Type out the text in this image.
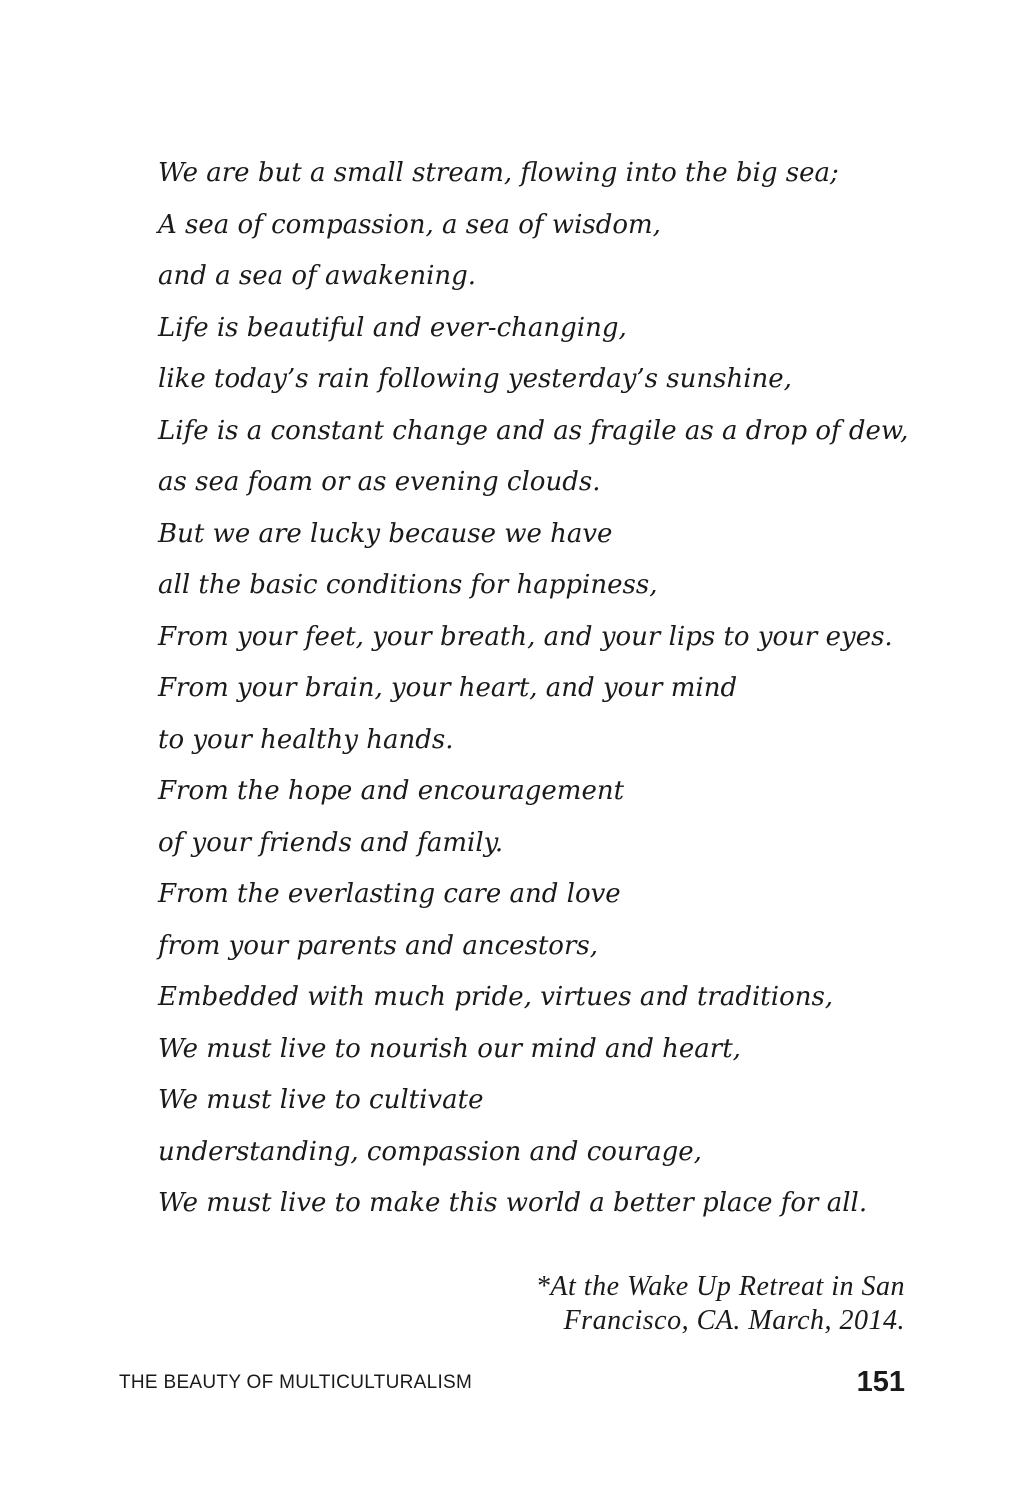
We are but a small stream, flowing into the big sea;
A sea of compassion, a sea of wisdom,
and a sea of awakening.
Life is beautiful and ever-changing,
like today’s rain following yesterday’s sunshine,
Life is a constant change and as fragile as a drop of dew,
as sea foam or as evening clouds.
But we are lucky because we have
all the basic conditions for happiness,
From your feet, your breath, and your lips to your eyes.
From your brain, your heart, and your mind
to your healthy hands.
From the hope and encouragement
of your friends and family.
From the everlasting care and love
from your parents and ancestors,
Embedded with much pride, virtues and traditions,
We must live to nourish our mind and heart,
We must live to cultivate
understanding, compassion and courage,
We must live to make this world a better place for all.
*At the Wake Up Retreat in San
Francisco, CA. March, 2014.
THE BEAUTY OF MULTICULTURALISM	151
